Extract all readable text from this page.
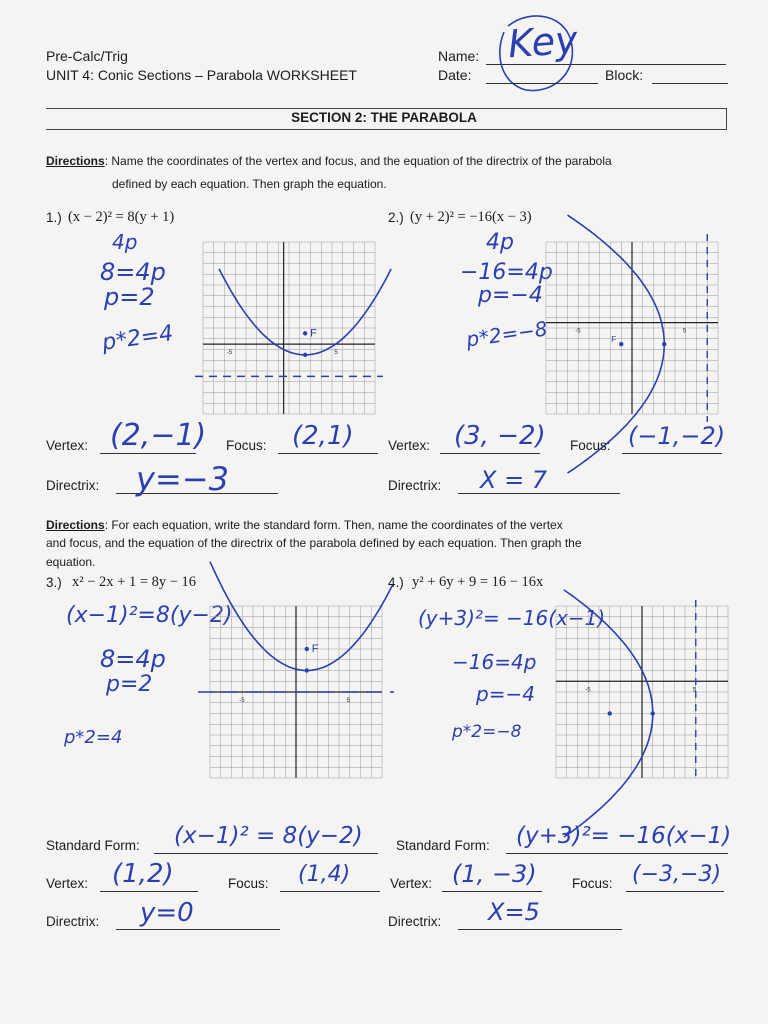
Pre-Calc/Trig
UNIT 4: Conic Sections – Parabola WORKSHEET
Name: Key
Date:	Block:
SECTION 2: THE PARABOLA
Directions: Name the coordinates of the vertex and focus, and the equation of the directrix of the parabola
defined by each equation. Then graph the equation.
1.) (x − 2)² = 8(y + 1)
4p
8=4p
p=2
p*2=4	-5	5
F
2.) (y + 2)² = −16(x − 3)
4p
−16=4p
p=−4
p*2=−8	-5	5
F
Vertex: (2,−1) Focus: (2,1)	Vertex: (3, −2) Focus: (−1,−2)
Directrix: y=−3	Directrix: X = 7
Directions: For each equation, write the standard form. Then, name the coordinates of the vertex
and focus, and the equation of the directrix of the parabola defined by each equation. Then graph the
equation.
3.) x² − 2x + 1 = 8y − 16
(x−1)²=8(y−2)
8=4p
p=2
p*2=4
-5	5
F
4.) y² + 6y + 9 = 16 − 16x
(y+3)²= −16(x−1)
−16=4p
p=−4
p*2=−8
-5	5
Standard Form: (x−1)² = 8(y−2) Standard Form: (y+3)²= −16(x−1)
Vertex: (1,2)	Focus: (1,4)	Vertex: (1, −3)	Focus: (−3,−3)
Directrix: y=0	Directrix: X=5
